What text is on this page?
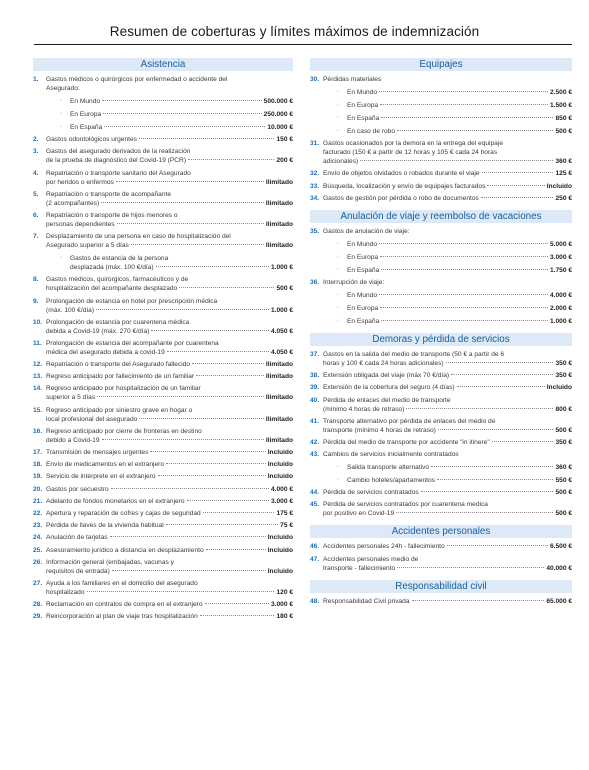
Resumen de coberturas y límites máximos de indemnización
Asistencia
1. Gastos médicos o quirúrgicos por enfermedad o accidente del
Asegurado:
◦ En Mundo	500.000 €
◦ En Europa	250.000 €
◦ En España	10.000 €
2. Gastos odontológicos urgentes	150 €
3. Gastos del asegurado derivados de la realización
de la prueba de diagnóstico del Covid-19 (PCR)	200 €
4. Repatriación o transporte sanitario del Asegurado
por heridos o enfermos	Ilimitado
5. Repatriación o transporte de acompañante
(2 acompañantes)	Ilimitado
6. Repatriación o transporte de hijos menores o
personas dependientes	Ilimitado
7. Desplazamiento de una persona en caso de hospitalización del
Asegurado superior a 5 días	Ilimitado
◦ Gastos de estancia de la persona
desplazada (máx. 100 €/día)	1.000 €
8. Gastos médicos, quirúrgicos, farmacéuticos y de
hospitalización del acompañante desplazado	500 €
9. Prolongación de estancia en hotel por prescripción médica
(máx. 100 €/día)	1.000 €
10. Prolongación de estancia por cuarentena médica
debida a Covid-19 (máx. 270 €/día)	4.050 €
11. Prolongación de estancia del acompañante por cuarentena
médica del asegurado debida a covid-19	4.050 €
12. Repatriación o transporte del Asegurado fallecido	Ilimitado
13. Regreso anticipado por fallecimiento de un familiar	Ilimitado
14. Regreso anticipado por hospitalización de un familiar
superior a 5 días	Ilimitado
15. Regreso anticipado por siniestro grave en hogar o
local profesional del asegurado	Ilimitado
16. Regreso anticipado por cierre de fronteras en destino
debido a Covid-19	Ilimitado
17. Transmisión de mensajes urgentes	Incluido
18. Envío de medicamentos en el extranjero	Incluido
19. Servicio de intérprete en el extranjero	Incluido
20. Gastos por secuestro	4.000 €
21. Adelanto de fondos monetarios en el extranjero	3.000 €
22. Apertura y reparación de cofres y cajas de seguridad	175 €
23. Pérdida de llaves de la vivienda habitual	75 €
24. Anulación de tarjetas	Incluido
25. Asesoramiento jurídico a distancia en desplazamiento	Incluido
26. Información general (embajadas, vacunas y
requisitos de entrada)	Incluido
27. Ayuda a los familiares en el domicilio del asegurado
hospitalizado	120 €
28. Reclamación en contratos de compra en el extranjero	3.000 €
29. Reincorporación al plan de viaje tras hospitalización	180 €
Equipajes
30. Pérdidas materiales
◦ En Mundo	2.500 €
◦ En Europa	1.500 €
◦ En España	850 €
◦ En caso de robo	500 €
31. Gastos ocasionados por la demora en la entrega del equipaje
facturado (150 € a partir de 12 horas y 105 € cada 24 horas
adicionales)	360 €
32. Envío de objetos olvidados o robados durante el viaje	125 €
33. Búsqueda, localización y envío de equipajes facturados	Incluido
34. Gastos de gestión por pérdida o robo de documentos	250 €
Anulación de viaje y reembolso de vacaciones
35. Gastos de anulación de viaje:
◦ En Mundo	5.000 €
◦ En Europa	3.000 €
◦ En España	1.750 €
36. Interrupción de viaje:
◦ En Mundo	4.000 €
◦ En Europa	2.000 €
◦ En España	1.000 €
Demoras y pérdida de servicios
37. Gastos en la salida del medio de transporte (50 € a partir de 6
horas y 100 € cada 24 horas adicionales)	350 €
38. Extensión obligada del viaje (máx 70 €/día)	350 €
39. Extensión de la cobertura del seguro (4 días)	Incluido
40. Pérdida de enlaces del medio de transporte
(mínimo 4 horas de retraso)	800 €
41. Transporte alternativo por pérdida de enlaces del medio de
transporte (mínimo 4 horas de retraso)	500 €
42. Pérdida del medio de transporte por accidente "in itinere"	350 €
43. Cambios de servicios inicialmente contratados
◦ Salida transporte alternativo	360 €
◦ Cambio hoteles/apartamentos	550 €
44. Pérdida de servicios contratados	500 €
45. Pérdida de servicios contratados por cuarentena medica
por positivo en Covid-19	500 €
Accidentes personales
46. Accidentes personales 24h - fallecimiento	6.500 €
47. Accidentes personales medio de
transporte - fallecimiento	40.000 €
Responsabilidad civil
48. Responsabilidad Civil privada	65.000 €
